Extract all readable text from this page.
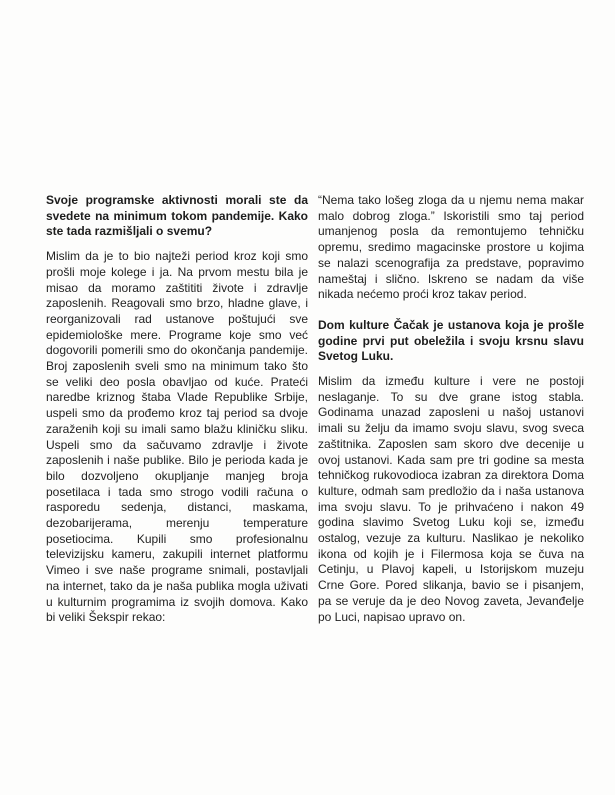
Svoje programske aktivnosti morali ste da svedete na minimum tokom pandemije. Kako ste tada razmišljali o svemu?

Mislim da je to bio najteži period kroz koji smo prošli moje kolege i ja. Na prvom mestu bila je misao da moramo zaštititi živote i zdravlje zaposlenih. Reagovali smo brzo, hladne glave, i reorganizovali rad ustanove poštujući sve epidemiološke mere. Programe koje smo već dogovorili pomerili smo do okončanja pandemije. Broj zaposlenih sveli smo na minimum tako što se veliki deo posla obavljao od kuće. Prateći naredbe kriznog štaba Vlade Republike Srbije, uspeli smo da prođemo kroz taj period sa dvoje zaraženih koji su imali samo blažu kliničku sliku. Uspeli smo da sačuvamo zdravlje i živote zaposlenih i naše publike. Bilo je perioda kada je bilo dozvoljeno okupljanje manjeg broja posetilaca i tada smo strogo vodili računa o rasporedu sedenja, distanci, maskama, dezobarijerama, merenju temperature posetiocima. Kupili smo profesionalnu televizijsku kameru, zakupili internet platformu Vimeo i sve naše programe snimali, postavljali na internet, tako da je naša publika mogla uživati u kulturnim programima iz svojih domova. Kako bi veliki Šekspir rekao:

“Nema tako lošeg zloga da u njemu nema makar malo dobrog zloga.” Iskoristili smo taj period umanjenog posla da remontujemo tehničku opremu, sredimo magacinske prostore u kojima se nalazi scenografija za predstave, popravimo nameštaj i slično. Iskreno se nadam da više nikada nećemo proći kroz takav period.

Dom kulture Čačak je ustanova koja je prošle godine prvi put obeležila i svoju krsnu slavu Svetog Luku.

Mislim da između kulture i vere ne postoji neslaganje. To su dve grane istog stabla. Godinama unazad zaposleni u našoj ustanovi imali su želju da imamo svoju slavu, svog sveca zaštitnika. Zaposlen sam skoro dve decenije u ovoj ustanovi. Kada sam pre tri godine sa mesta tehničkog rukovodioca izabran za direktora Doma kulture, odmah sam predložio da i naša ustanova ima svoju slavu. To je prihvaćeno i nakon 49 godina slavimo Svetog Luku koji se, između ostalog, vezuje za kulturu. Naslikao je nekoliko ikona od kojih je i Filermosa koja se čuva na Cetinju, u Plavoj kapeli, u Istorijskom muzeju Crne Gore. Pored slikanja, bavio se i pisanjem, pa se veruje da je deo Novog zaveta, Jevanđelje po Luci, napisao upravo on.
